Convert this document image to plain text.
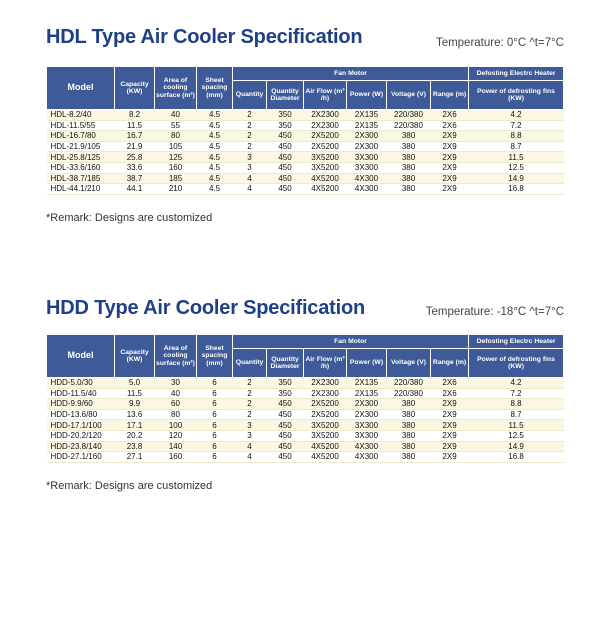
HDL Type Air Cooler Specification	Temperature: 0°C ^t=7°C
Model	Capacity (KW)	Area of cooling surface (m²)	Sheet spacing (mm)	Fan Motor						Defosting Electrc Heater
				Quantity	Quantity Diameter	Air Flow (m³ /h)	Power (W)	Voltage (V)	Range (m)	Power of defrosting fins (KW)
HDL-8.2/40	8.2	40	4.5	2	350	2X2300	2X135	220/380	2X6	4.2
HDL-11.5/55	11.5	55	4.5	2	350	2X2300	2X135	220/380	2X6	7.2
HDL-16.7/80	16.7	80	4.5	2	450	2X5200	2X300	380	2X9	8.8
HDL-21.9/105	21.9	105	4.5	2	450	2X5200	2X300	380	2X9	8.7
HDL-25.8/125	25.8	125	4.5	3	450	3X5200	3X300	380	2X9	11.5
HDL-33.6/160	33.6	160	4.5	3	450	3X5200	3X300	380	2X9	12.5
HDL-38.7/185	38.7	185	4.5	4	450	4X5200	4X300	380	2X9	14.9
HDL-44.1/210	44.1	210	4.5	4	450	4X5200	4X300	380	2X9	16.8
*Remark: Designs are customized
HDD Type Air Cooler Specification	Temperature: -18°C ^t=7°C
Model	Capacity (KW)	Area of cooling surface (m²)	Sheet spacing (mm)	Fan Motor						Defosting Electrc Heater
				Quantity	Quantity Diameter	Air Flow (m³ /h)	Power (W)	Voltage (V)	Range (m)	Power of defrosting fins (KW)
HDD-5.0/30	5.0	30	6	2	350	2X2300	2X135	220/380	2X6	4.2
HDD-11.5/40	11.5	40	6	2	350	2X2300	2X135	220/380	2X6	7.2
HDD-9.9/60	9.9	60	6	2	450	2X5200	2X300	380	2X9	8.8
HDD-13.6/80	13.6	80	6	2	450	2X5200	2X300	380	2X9	8.7
HDD-17.1/100	17.1	100	6	3	450	3X5200	3X300	380	2X9	11.5
HDD-20.2/120	20.2	120	6	3	450	3X5200	3X300	380	2X9	12.5
HDD-23.8/140	23.8	140	6	4	450	4X5200	4X300	380	2X9	14.9
HDD-27.1/160	27.1	160	6	4	450	4X5200	4X300	380	2X9	16.8
*Remark: Designs are customized
